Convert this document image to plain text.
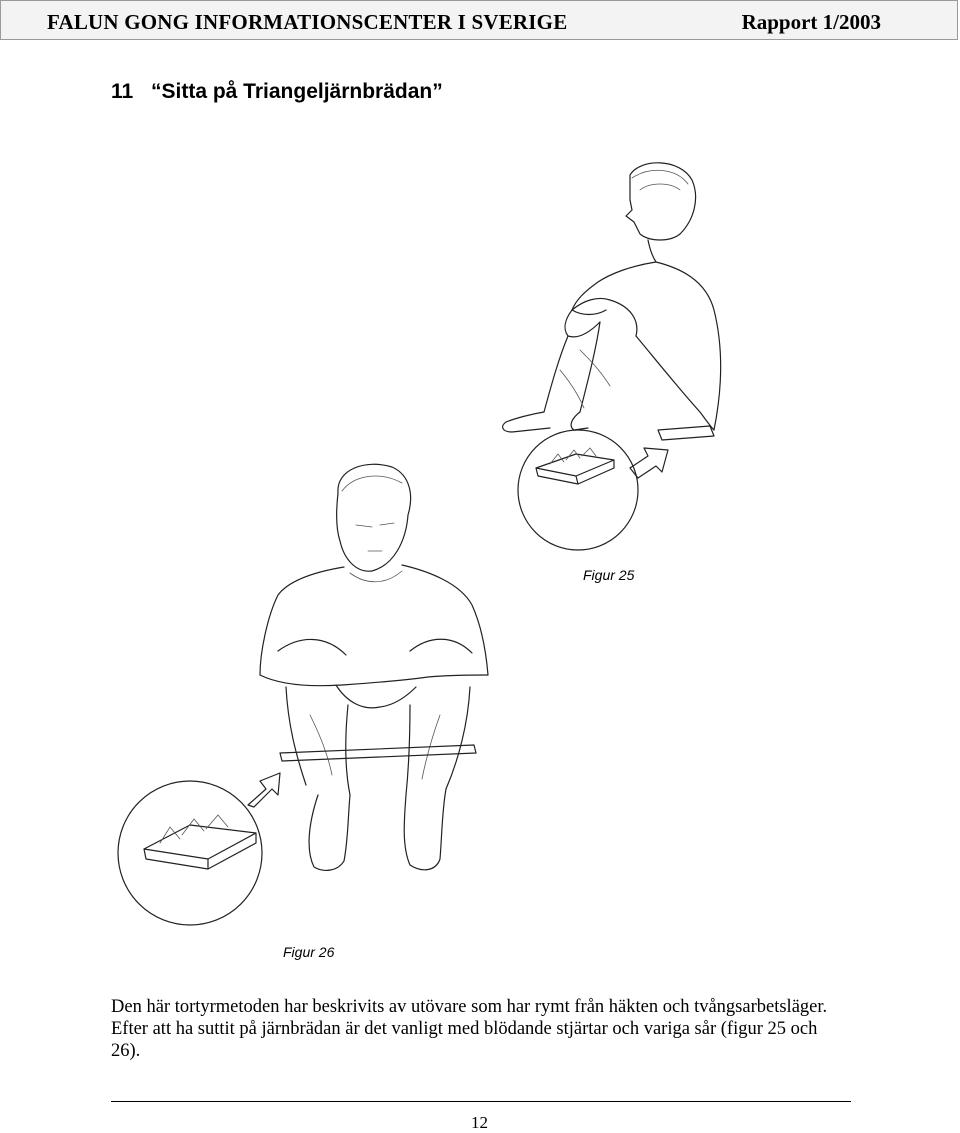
FALUN GONG INFORMATIONSCENTER I SVERIGE	Rapport 1/2003
11 “Sitta på Triangeljärnbrädan”
Figur 25
Figur 26
Den här tortyrmetoden har beskrivits av utövare som har rymt från häkten och tvångsarbetsläger. Efter att ha suttit på järnbrädan är det vanligt med blödande stjärtar och variga sår (figur 25 och 26).
12
